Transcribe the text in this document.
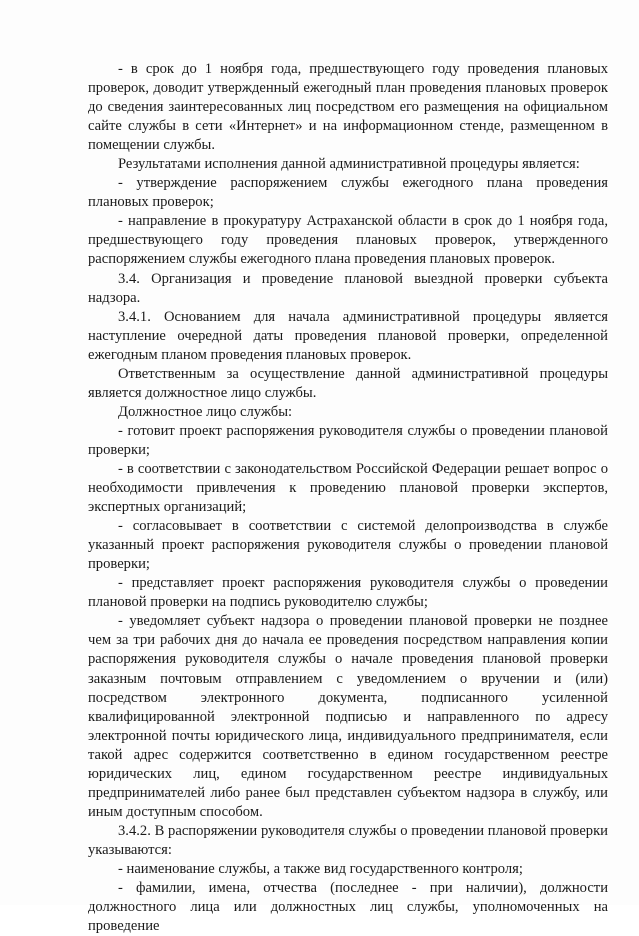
- в срок до 1 ноября года, предшествующего году проведения плановых проверок, доводит утвержденный ежегодный план проведения плановых проверок до сведения заинтересованных лиц посредством его размещения на официальном сайте службы в сети «Интернет» и на информационном стенде, размещенном в помещении службы.

Результатами исполнения данной административной процедуры является:

- утверждение распоряжением службы ежегодного плана проведения плановых проверок;

- направление в прокуратуру Астраханской области в срок до 1 ноября года, предшествующего году проведения плановых проверок, утвержденного распоряжением службы ежегодного плана проведения плановых проверок.

3.4. Организация и проведение плановой выездной проверки субъекта надзора.

3.4.1. Основанием для начала административной процедуры является наступление очередной даты проведения плановой проверки, определенной ежегодным планом проведения плановых проверок.

Ответственным за осуществление данной административной процедуры является должностное лицо службы.

Должностное лицо службы:

- готовит проект распоряжения руководителя службы о проведении плановой проверки;

- в соответствии с законодательством Российской Федерации решает вопрос о необходимости привлечения к проведению плановой проверки экспертов, экспертных организаций;

- согласовывает в соответствии с системой делопроизводства в службе указанный проект распоряжения руководителя службы о проведении плановой проверки;

- представляет проект распоряжения руководителя службы о проведении плановой проверки на подпись руководителю службы;

- уведомляет субъект надзора о проведении плановой проверки не позднее чем за три рабочих дня до начала ее проведения посредством направления копии распоряжения руководителя службы о начале проведения плановой проверки заказным почтовым отправлением с уведомлением о вручении и (или) посредством электронного документа, подписанного усиленной квалифицированной электронной подписью и направленного по адресу электронной почты юридического лица, индивидуального предпринимателя, если такой адрес содержится соответственно в едином государственном реестре юридических лиц, едином государственном реестре индивидуальных предпринимателей либо ранее был представлен субъектом надзора в службу, или иным доступным способом.

3.4.2. В распоряжении руководителя службы о проведении плановой проверки указываются:

- наименование службы, а также вид государственного контроля;

- фамилии, имена, отчества (последнее - при наличии), должности должностного лица или должностных лиц службы, уполномоченных на проведение
